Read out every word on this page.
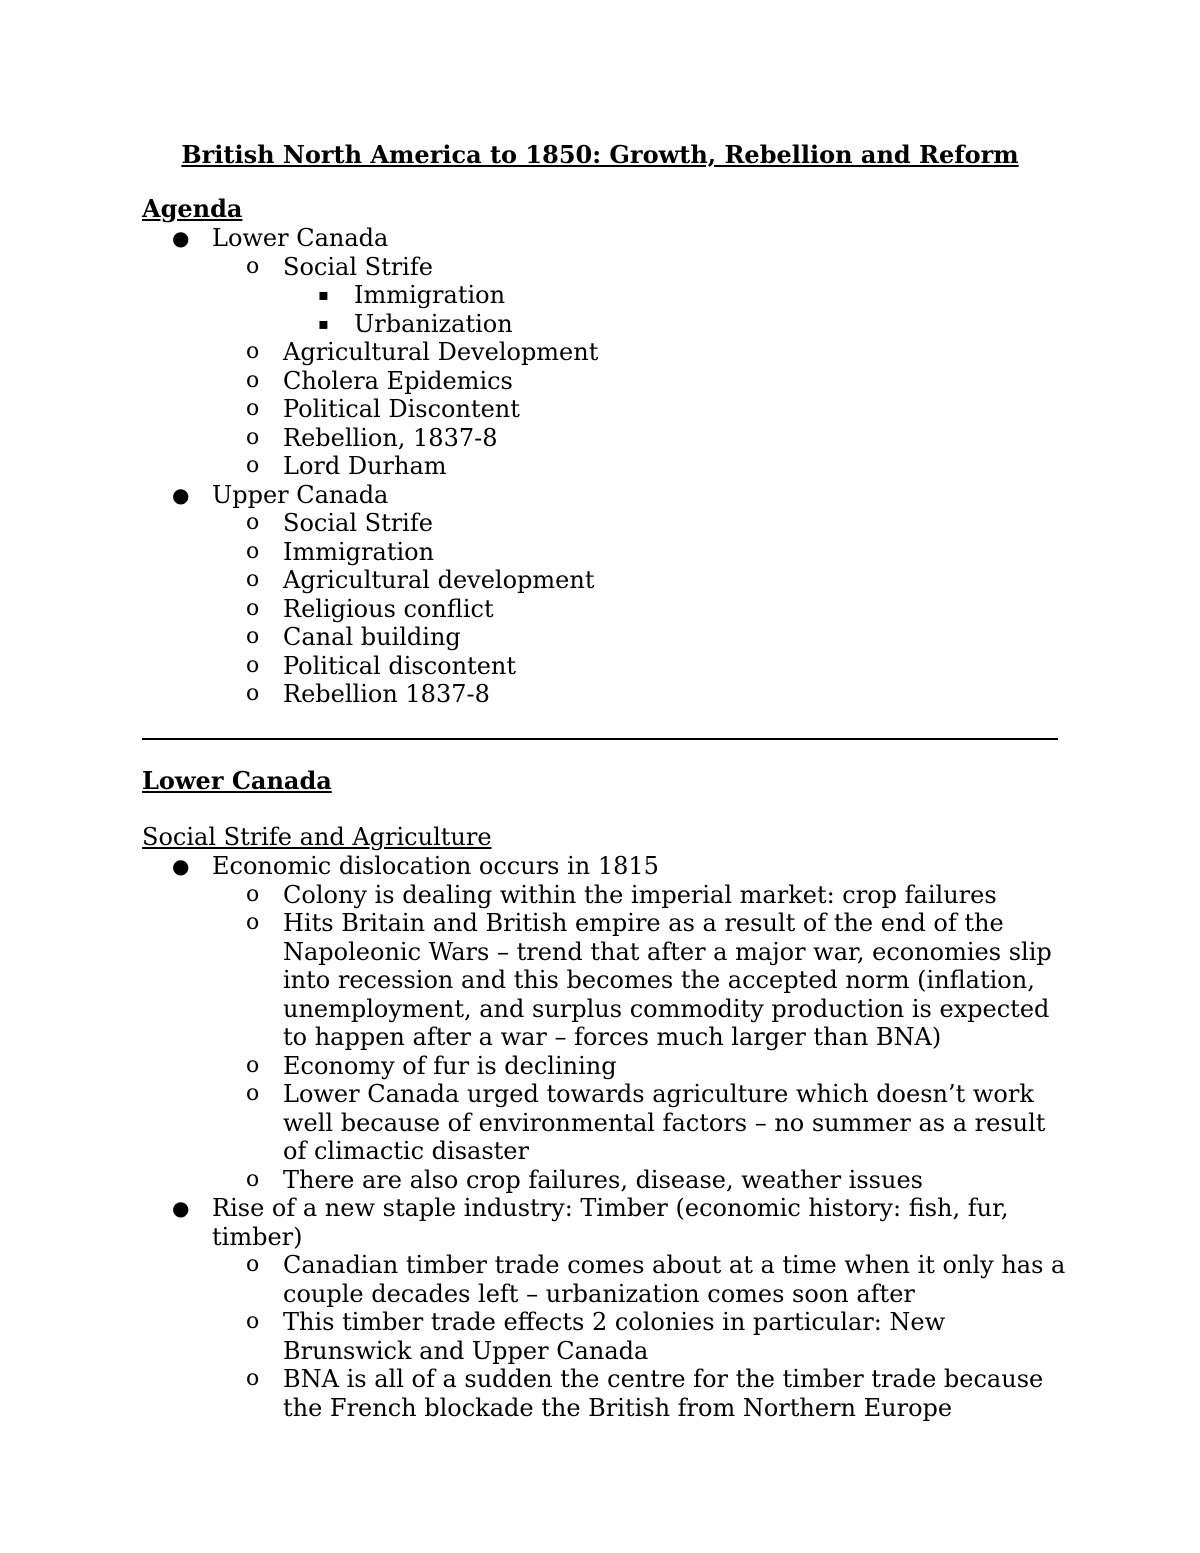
British North America to 1850: Growth, Rebellion and Reform
Agenda
● Lower Canada
o Social Strife
▪ Immigration
▪ Urbanization
o Agricultural Development
o Cholera Epidemics
o Political Discontent
o Rebellion, 1837-8
o Lord Durham
● Upper Canada
o Social Strife
o Immigration
o Agricultural development
o Religious conflict
o Canal building
o Political discontent
o Rebellion 1837-8
Lower Canada
Social Strife and Agriculture
● Economic dislocation occurs in 1815
o Colony is dealing within the imperial market: crop failures
o Hits Britain and British empire as a result of the end of the Napoleonic Wars – trend that after a major war, economies slip into recession and this becomes the accepted norm (inflation, unemployment, and surplus commodity production is expected to happen after a war – forces much larger than BNA)
o Economy of fur is declining
o Lower Canada urged towards agriculture which doesn’t work well because of environmental factors – no summer as a result of climactic disaster
o There are also crop failures, disease, weather issues
● Rise of a new staple industry: Timber (economic history: fish, fur, timber)
o Canadian timber trade comes about at a time when it only has a couple decades left – urbanization comes soon after
o This timber trade effects 2 colonies in particular: New Brunswick and Upper Canada
o BNA is all of a sudden the centre for the timber trade because the French blockade the British from Northern Europe
